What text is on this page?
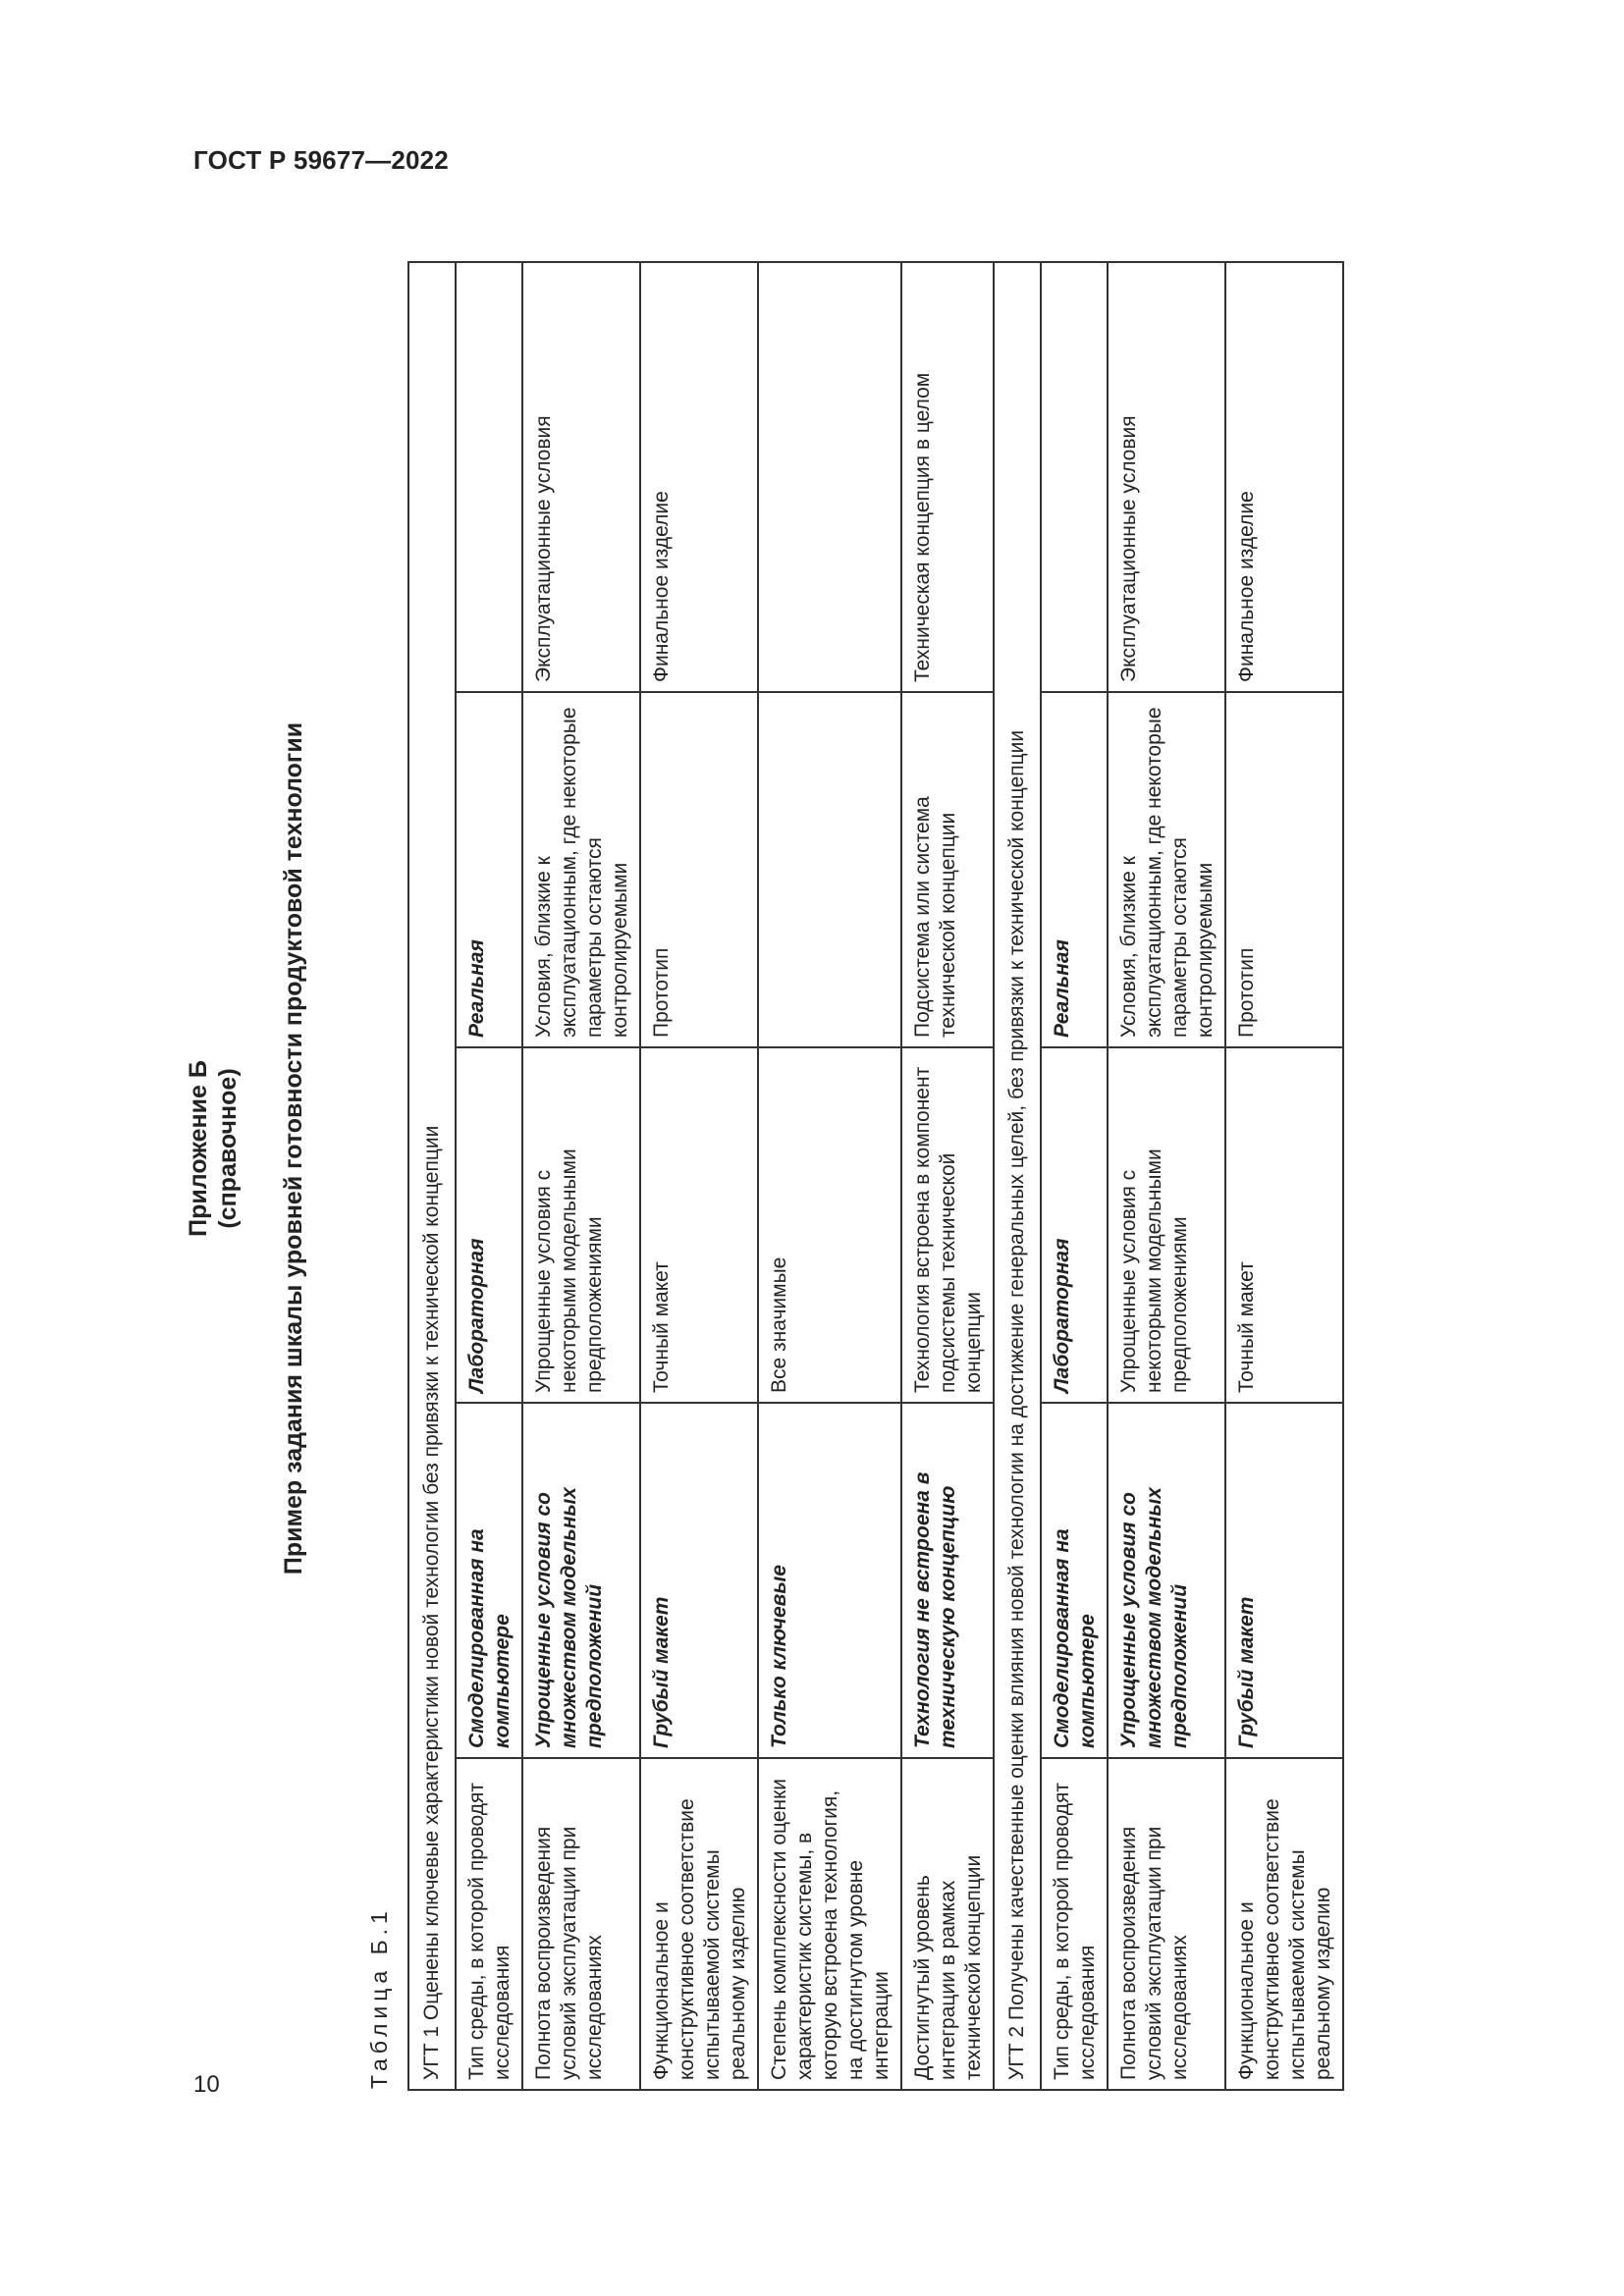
ГОСТ Р 59677—2022
Приложение Б (справочное) Пример задания шкалы уровней готовности продуктовой технологии
Таблица Б.1 УГТ 1 Оценены ключевые характеристики новой технологии без привязки к технической концепции				
Тип среды, в которой проводят исследования	Смоделированная на компьютере	Лабораторная	Реальная	
Полнота воспроизведения условий эксплуатации при исследованиях	Упрощенные условия со множеством модельных предположений	Упрощенные условия с некоторыми модельными предположениями	Условия, близкие к эксплуатационным, где некоторые параметры остаются контролируемыми	Эксплуатационные условия
Функциональное и конструктивное соответствие испытываемой системы реальному изделию	Грубый макет	Точный макет	Прототип	Финальное изделие
Степень комплексности оценки характеристик системы, в которую встроена технология, на достигнутом уровне интеграции	Только ключевые	Все значимые		
Достигнутый уровень интеграции в рамках технической концепции	Технология не встроена в техническую концепцию	Технология встроена в компонент подсистемы технической концепции	Подсистема или система технической концепции	Техническая концепция в целом
УГТ 2 Получены качественные оценки влияния новой технологии на достижение генеральных целей, без привязки к технической концепции				
Тип среды, в которой проводят исследования	Смоделированная на компьютере	Лабораторная	Реальная	
Полнота воспроизведения условий эксплуатации при исследованиях	Упрощенные условия со множеством модельных предположений	Упрощенные условия с некоторыми модельными предположениями	Условия, близкие к эксплуатационным, где некоторые параметры остаются контролируемыми	Эксплуатационные условия
Функциональное и конструктивное соответствие испытываемой системы реальному изделию	Грубый макет	Точный макет	Прототип	Финальное изделие
10
